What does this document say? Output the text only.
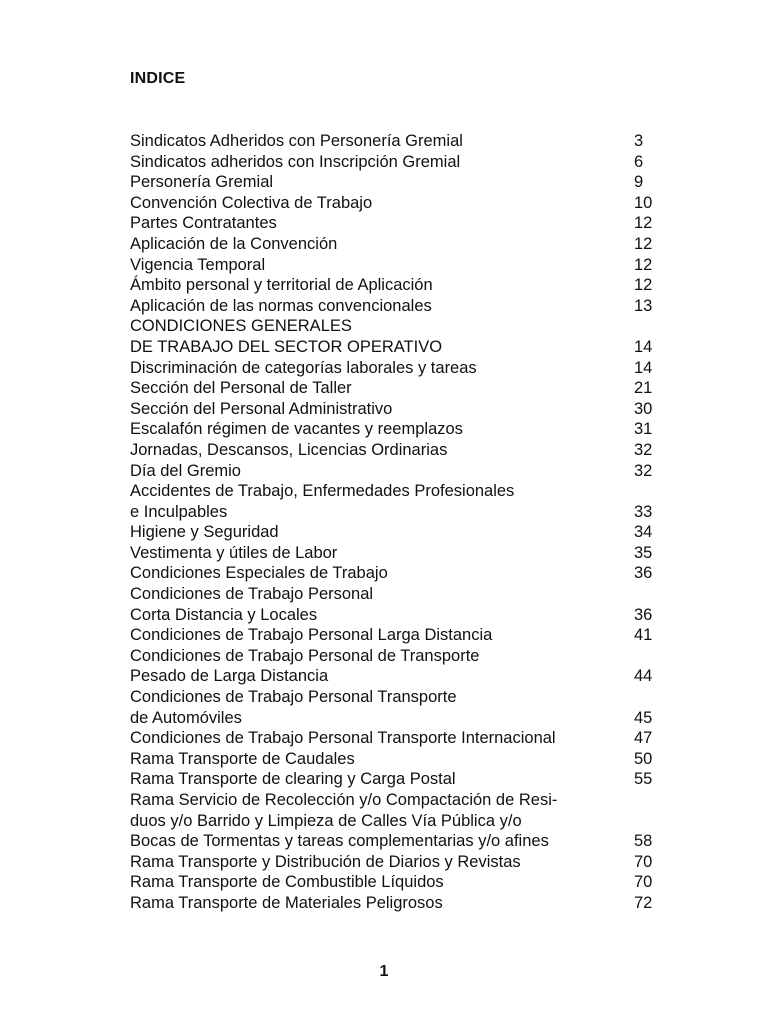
INDICE
Sindicatos Adheridos con Personería Gremial	3
Sindicatos adheridos con Inscripción Gremial	6
Personería Gremial	9
Convención Colectiva de Trabajo	10
Partes Contratantes	12
Aplicación de la Convención	12
Vigencia Temporal	12
Ámbito personal y territorial de Aplicación	12
Aplicación de las normas convencionales	13
CONDICIONES GENERALES
DE TRABAJO DEL SECTOR OPERATIVO	14
Discriminación de categorías laborales y tareas	14
Sección del Personal de Taller	21
Sección del Personal Administrativo	30
Escalafón régimen de vacantes y reemplazos	31
Jornadas, Descansos, Licencias Ordinarias	32
Día del Gremio	32
Accidentes de Trabajo, Enfermedades Profesionales
e Inculpables	33
Higiene y Seguridad	34
Vestimenta y útiles de Labor	35
Condiciones Especiales de Trabajo	36
Condiciones de Trabajo Personal
Corta Distancia y Locales	36
Condiciones de Trabajo Personal Larga Distancia	41
Condiciones de Trabajo Personal de Transporte
Pesado de Larga Distancia	44
Condiciones de Trabajo Personal Transporte
de Automóviles	45
Condiciones de Trabajo Personal Transporte Internacional	47
Rama Transporte de Caudales	50
Rama Transporte de clearing y Carga Postal	55
Rama Servicio de Recolección y/o Compactación de Resi-
duos y/o Barrido y Limpieza de Calles Vía Pública y/o
Bocas de Tormentas y tareas complementarias y/o afines	58
Rama Transporte y Distribución de Diarios y Revistas	70
Rama Transporte de Combustible Líquidos	70
Rama Transporte de Materiales Peligrosos	72
1
